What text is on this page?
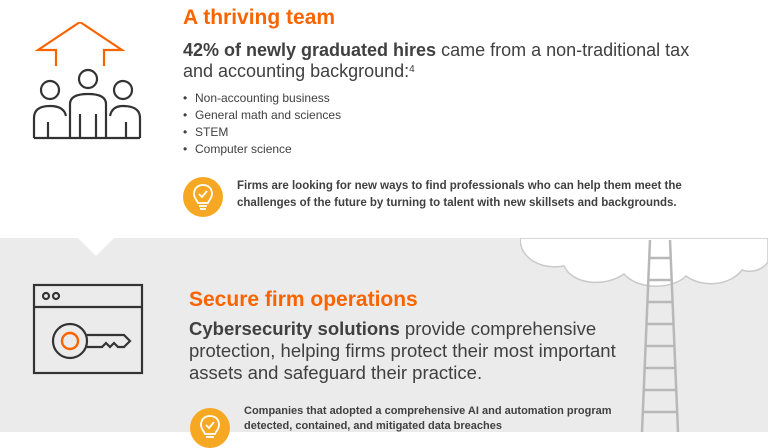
A thriving team
42% of newly graduated hires came from a non-traditional tax and accounting background:$^4$
• Non-accounting business
• General math and sciences
• STEM
• Computer science
Firms are looking for new ways to find professionals who can help them meet the challenges of the future by turning to talent with new skillsets and backgrounds.
Secure firm operations
Cybersecurity solutions provide comprehensive protection, helping firms protect their most important assets and safeguard their practice.
Companies that adopted a comprehensive AI and automation program detected, contained, and mitigated data breaches
